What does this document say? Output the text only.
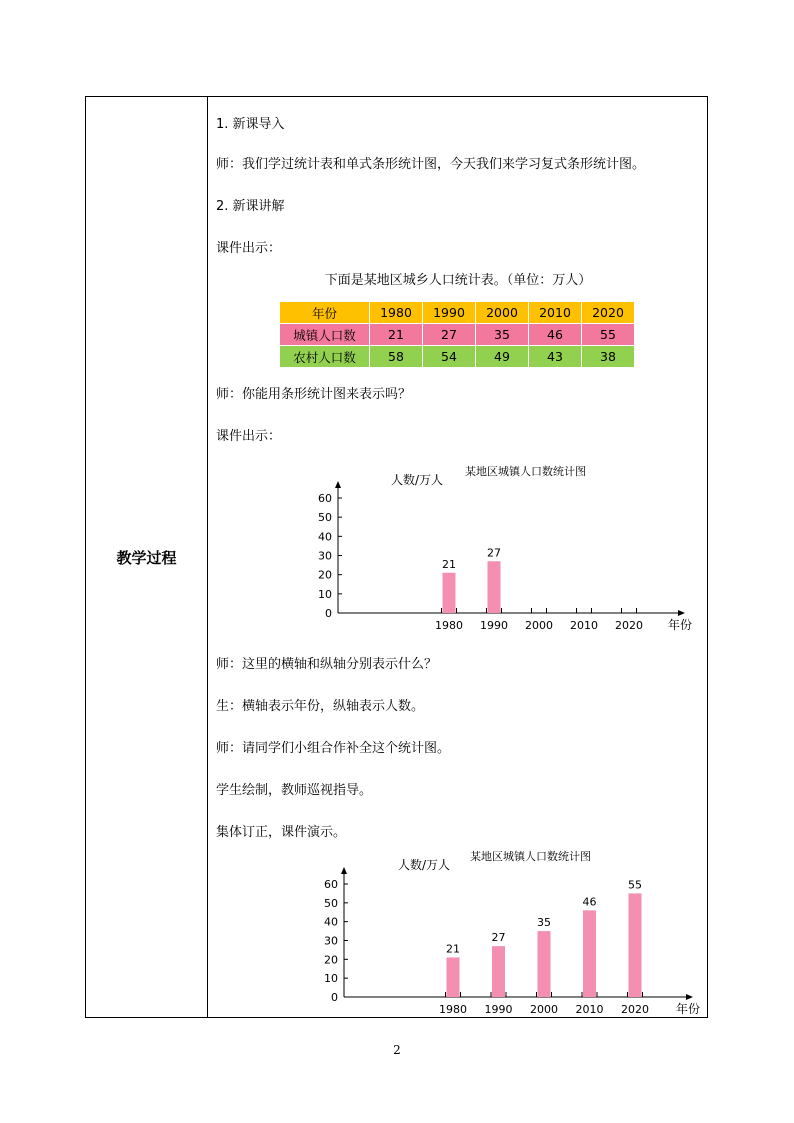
教学过程
1. 新课导入
师：我们学过统计表和单式条形统计图，今天我们来学习复式条形统计图。
2. 新课讲解
课件出示：
下面是某地区城乡人口统计表。（单位：万人）
年份	1980	1990	2000	2010	2020
城镇人口数	21	27	35	46	55
农村人口数	58	54	49	43	38
师：你能用条形统计图来表示吗？
课件出示：
某地区城镇人口数统计图
人数/万人
0
10
20
30
40
50
60
21
1980
27
1990 2000 2010 2020 年份
师：这里的横轴和纵轴分别表示什么？
生：横轴表示年份，纵轴表示人数。
师：请同学们小组合作补全这个统计图。
学生绘制，教师巡视指导。
集体订正，课件演示。
某地区城镇人口数统计图
人数/万人
0
10
20
30
40
50
60
21
1980
27
1990
35
2000
46
2010
55
2020 年份
2
